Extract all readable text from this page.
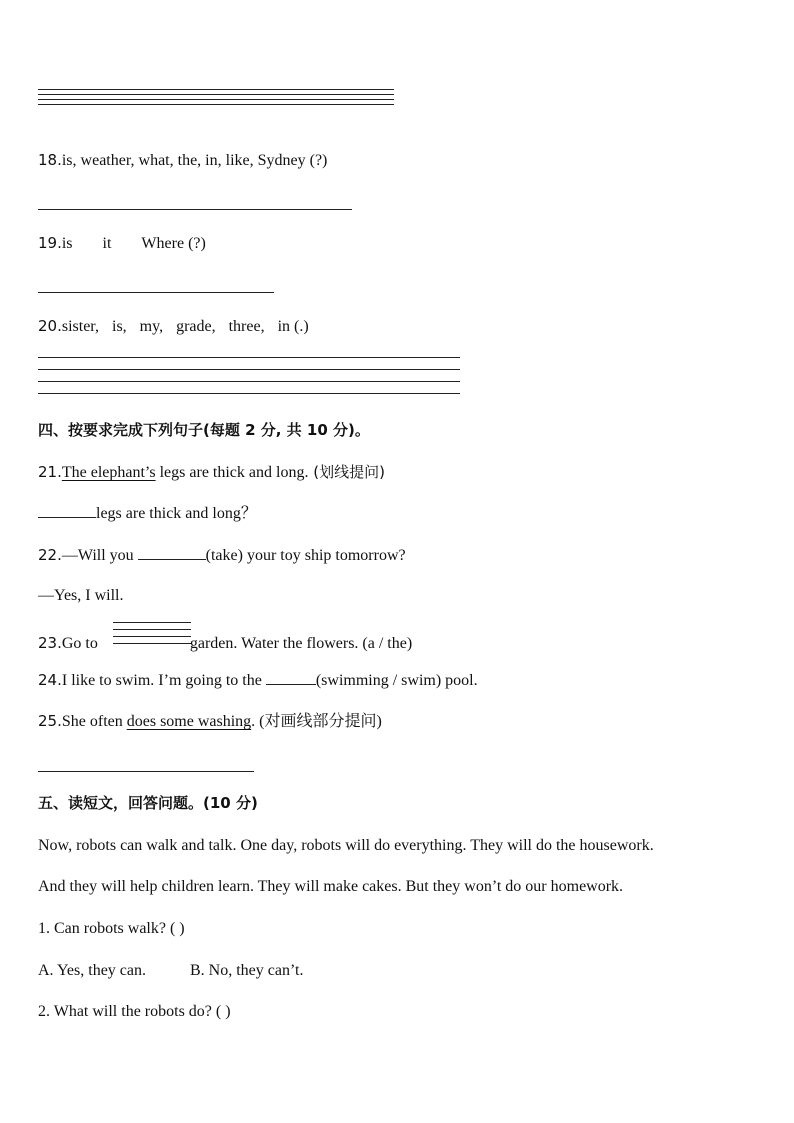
18.is, weather, what, the, in, like, Sydney (?)
19.is it Where (?)
20.sister, is, my, grade, three, in (.)
四、按要求完成下列句子(每题 2 分, 共 10 分)。
21.The elephant’s legs are thick and long. (划线提问)
legs are thick and long？
22.—Will you	(take) your toy ship tomorrow?
—Yes, I will.
23.Go to	garden. Water the flowers. (a / the)
24.I like to swim. I’m going to the	(swimming / swim) pool.
25.She often does some washing. (对画线部分提问)
五、读短文，回答问题。(10 分)
Now, robots can walk and talk. One day, robots will do everything. They will do the housework.
And they will help children learn. They will make cakes. But they won’t do our homework.
1. Can robots walk? ( )
A. Yes, they can.	B. No, they can’t.
2. What will the robots do? ( )
